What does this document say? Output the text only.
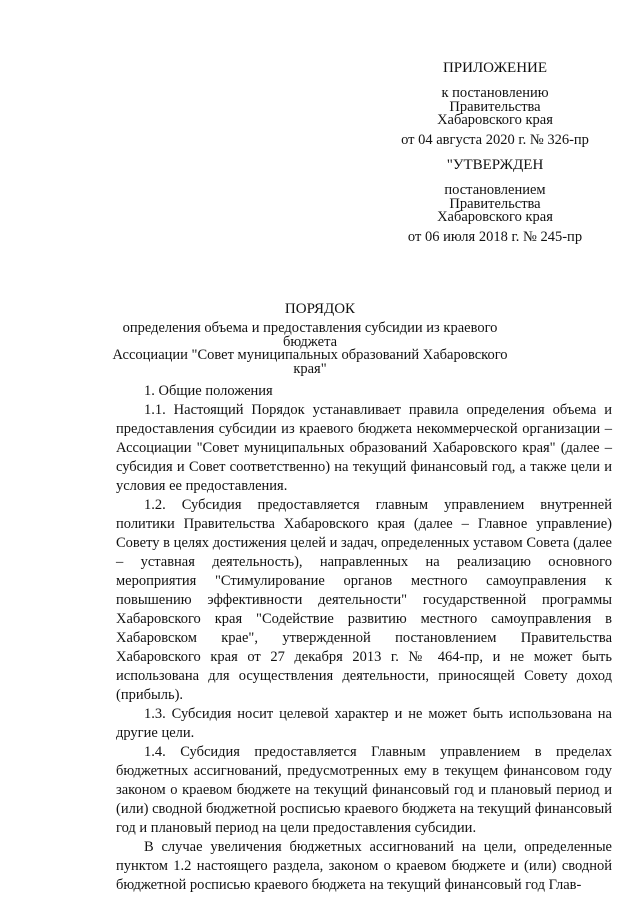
ПРИЛОЖЕНИЕ
к постановлению
Правительства
Хабаровского края
от 04 августа 2020 г. № 326-пр
"УТВЕРЖДЕН
постановлением
Правительства
Хабаровского края
от 06 июля 2018 г. № 245-пр
ПОРЯДОК
определения объема и предоставления субсидии из краевого бюджета
Ассоциации "Совет муниципальных образований Хабаровского края"

1. Общие положения

1.1. Настоящий Порядок устанавливает правила определения объема и предоставления субсидии из краевого бюджета некоммерческой организации – Ассоциации "Совет муниципальных образований Хабаровского края" (далее – субсидия и Совет соответственно) на текущий финансовый год, а также цели и условия ее предоставления.

1.2. Субсидия предоставляется главным управлением внутренней политики Правительства Хабаровского края (далее – Главное управление) Совету в целях достижения целей и задач, определенных уставом Совета (далее – уставная деятельность), направленных на реализацию основного мероприятия "Стимулирование органов местного самоуправления к повышению эффективности деятельности" государственной программы Хабаровского края "Содействие развитию местного самоуправления в Хабаровском крае", утвержденной постановлением Правительства Хабаровского края от 27 декабря 2013 г. № 464-пр, и не может быть использована для осуществления деятельности, приносящей Совету доход (прибыль).

1.3. Субсидия носит целевой характер и не может быть использована на другие цели.

1.4. Субсидия предоставляется Главным управлением в пределах бюджетных ассигнований, предусмотренных ему в текущем финансовом году законом о краевом бюджете на текущий финансовый год и плановый период и (или) сводной бюджетной росписью краевого бюджета на текущий финансовый год и плановый период на цели предоставления субсидии.

В случае увеличения бюджетных ассигнований на цели, определенные пунктом 1.2 настоящего раздела, законом о краевом бюджете и (или) сводной бюджетной росписью краевого бюджета на текущий финансовый год Глав-
